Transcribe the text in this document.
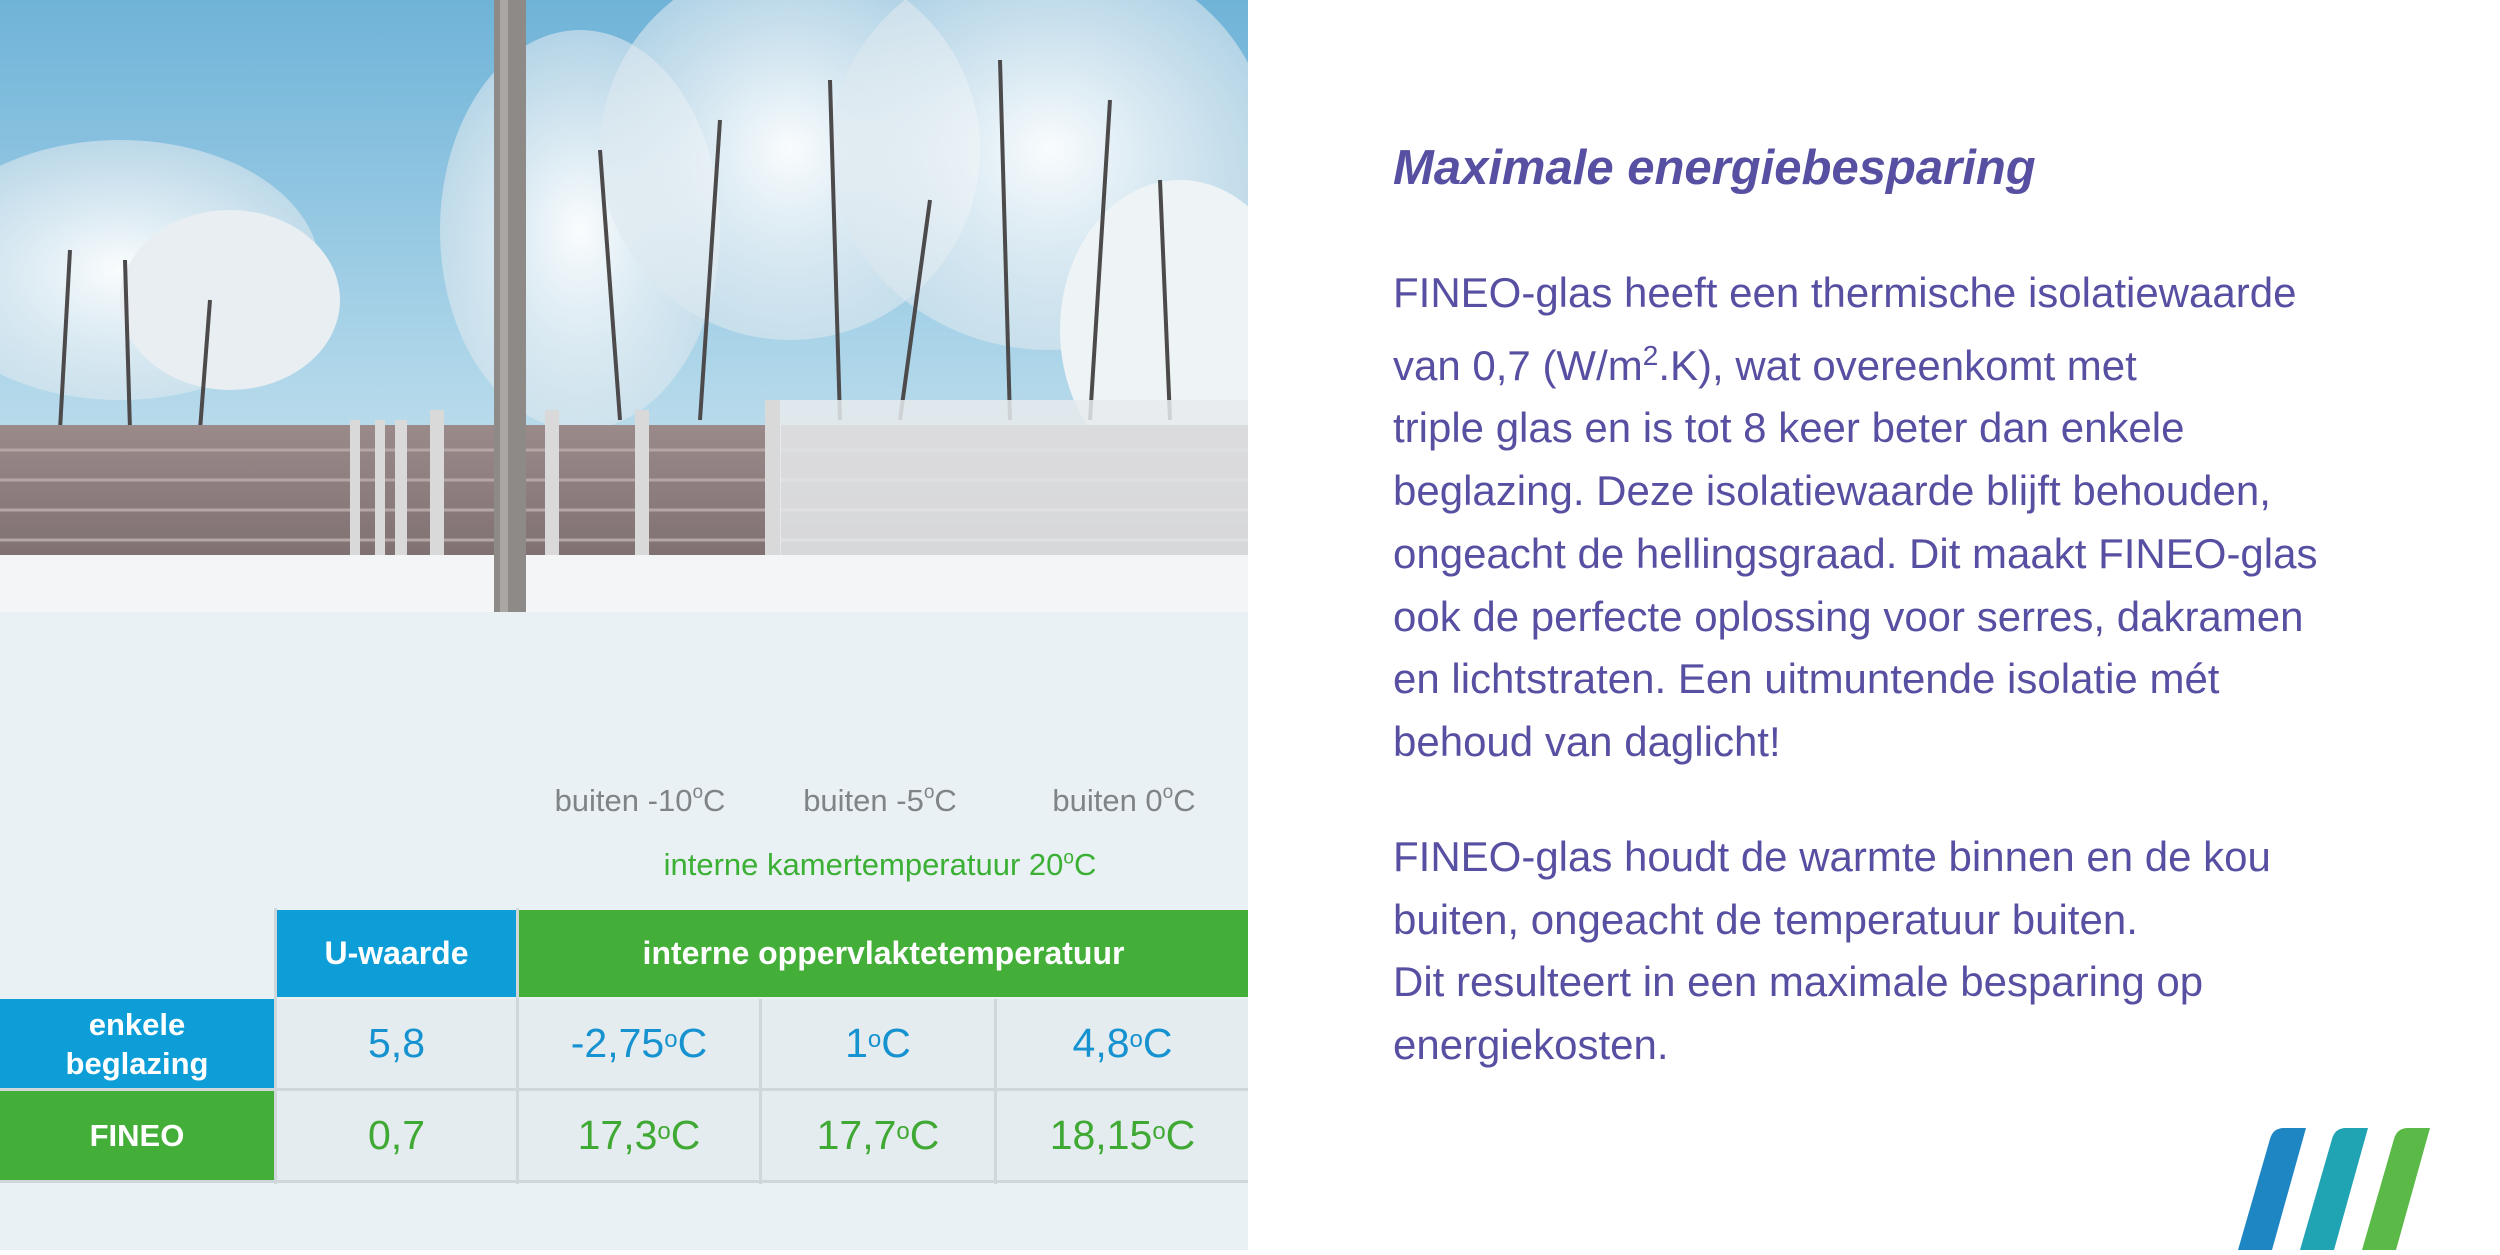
buiten -10$^o$C	buiten -5$^o$C	buiten 0$^o$C
interne kamertemperatuur 20$^o$C
U-waarde	interne oppervlaktetemperatuur
enkele
beglazing	5,8	-2,75$^o$ C	1$^o$ C	4,8$^o$ C
FINEO	0,7	17,3$^o$ C	17,7$^o$ C	18,15$^o$ C
Maximale energiebesparing

FINEO-glas heeft een thermische isolatiewaarde
van 0,7 $(W/m^2.K)$, wat overeenkomt met
triple glas en is tot 8 keer beter dan enkele
beglazing. Deze isolatiewaarde blijft behouden,
ongeacht de hellingsgraad. Dit maakt FINEO-glas
ook de perfecte oplossing voor serres, dakramen
en lichtstraten. Een uitmuntende isolatie mét
behoud van daglicht!

FINEO-glas houdt de warmte binnen en de kou
buiten, ongeacht de temperatuur buiten.
Dit resulteert in een maximale besparing op
energiekosten.
